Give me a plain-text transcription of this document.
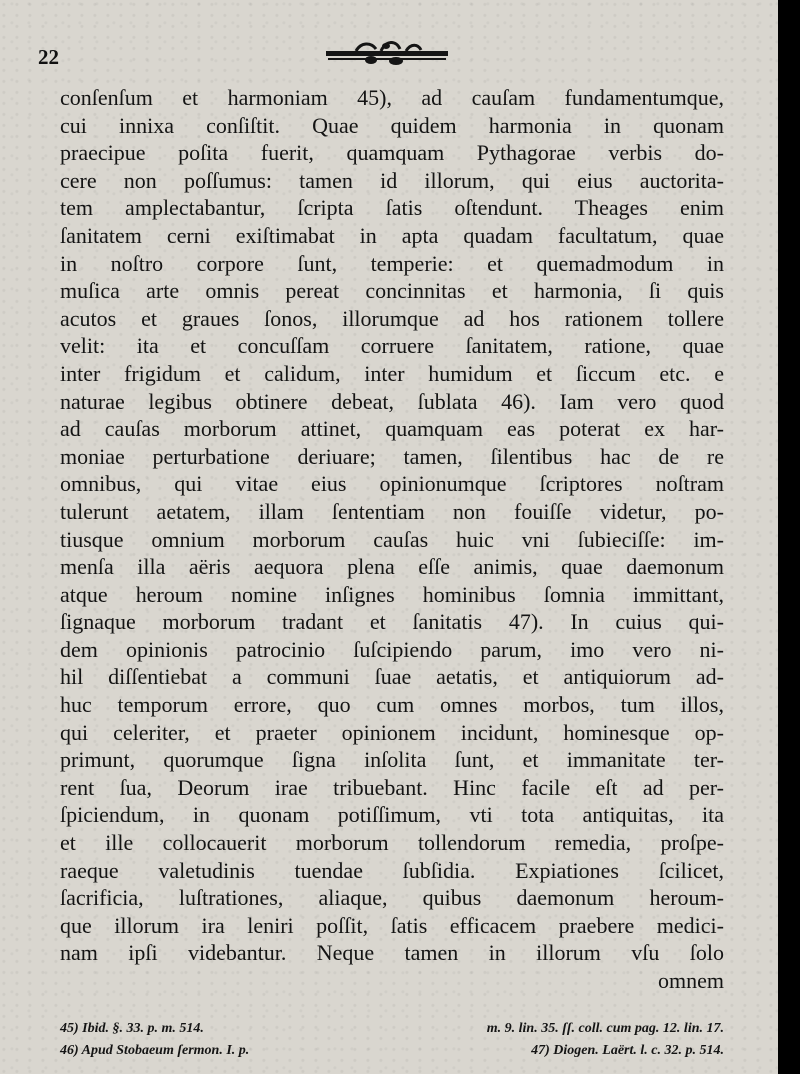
22
conſenſum et harmoniam 45), ad cauſam fundamentumque,
cui innixa conſiſtit. Quae quidem harmonia in quonam
praecipue poſita fuerit, quamquam Pythagorae verbis do-
cere non poſſumus: tamen id illorum, qui eius auctorita-
tem amplectabantur, ſcripta ſatis oſtendunt. Theages enim
ſanitatem cerni exiſtimabat in apta quadam facultatum, quae
in noſtro corpore ſunt, temperie: et quemadmodum in
muſica arte omnis pereat concinnitas et harmonia, ſi quis
acutos et graues ſonos, illorumque ad hos rationem tollere
velit: ita et concuſſam corruere ſanitatem, ratione, quae
inter frigidum et calidum, inter humidum et ſiccum etc. e
naturae legibus obtinere debeat, ſublata 46). Iam vero quod
ad cauſas morborum attinet, quamquam eas poterat ex har-
moniae perturbatione deriuare; tamen, ſilentibus hac de re
omnibus, qui vitae eius opinionumque ſcriptores noſtram
tulerunt aetatem, illam ſententiam non fouiſſe videtur, po-
tiusque omnium morborum cauſas huic vni ſubieciſſe: im-
menſa illa aëris aequora plena eſſe animis, quae daemonum
atque heroum nomine inſignes hominibus ſomnia immittant,
ſignaque morborum tradant et ſanitatis 47). In cuius qui-
dem opinionis patrocinio ſuſcipiendo parum, imo vero ni-
hil diſſentiebat a communi ſuae aetatis, et antiquiorum ad-
huc temporum errore, quo cum omnes morbos, tum illos,
qui celeriter, et praeter opinionem incidunt, hominesque op-
primunt, quorumque ſigna inſolita ſunt, et immanitate ter-
rent ſua, Deorum irae tribuebant. Hinc facile eſt ad per-
ſpiciendum, in quonam potiſſimum, vti tota antiquitas, ita
et ille collocauerit morborum tollendorum remedia, proſpe-
raeque valetudinis tuendae ſubſidia. Expiationes ſcilicet,
ſacrificia, luſtrationes, aliaque, quibus daemonum heroum-
que illorum ira leniri poſſit, ſatis efficacem praebere medici-
nam ipſi videbantur. Neque tamen in illorum vſu ſolo
omnem
45) Ibid. §. 33. p. m. 514.	m. 9. lin. 35. ſſ. coll. cum pag. 12. lin. 17.
46) Apud Stobaeum ſermon. I. p.	47) Diogen. Laërt. l. c. 32. p. 514.
